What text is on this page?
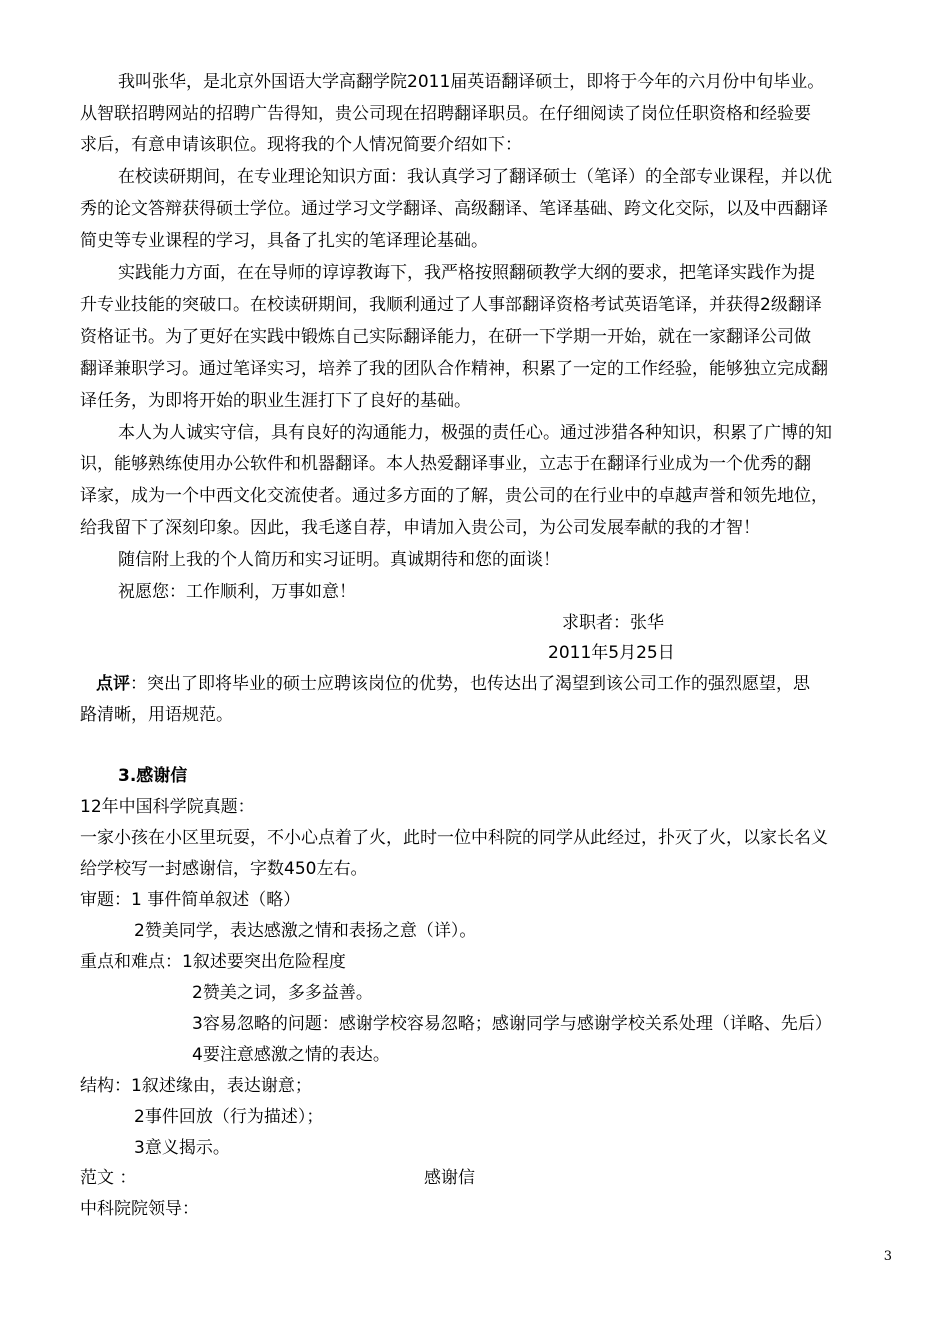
我叫张华，是北京外国语大学高翻学院2011届英语翻译硕士，即将于今年的六月份中旬毕业。
从智联招聘网站的招聘广告得知，贵公司现在招聘翻译职员。在仔细阅读了岗位任职资格和经验要
求后，有意申请该职位。现将我的个人情况简要介绍如下：
在校读研期间，在专业理论知识方面：我认真学习了翻译硕士（笔译）的全部专业课程，并以优
秀的论文答辩获得硕士学位。通过学习文学翻译、高级翻译、笔译基础、跨文化交际，以及中西翻译
简史等专业课程的学习，具备了扎实的笔译理论基础。
实践能力方面，在在导师的谆谆教诲下，我严格按照翻硕教学大纲的要求，把笔译实践作为提
升专业技能的突破口。在校读研期间，我顺利通过了人事部翻译资格考试英语笔译，并获得2级翻译
资格证书。为了更好在实践中锻炼自己实际翻译能力，在研一下学期一开始，就在一家翻译公司做
翻译兼职学习。通过笔译实习，培养了我的团队合作精神，积累了一定的工作经验，能够独立完成翻
译任务，为即将开始的职业生涯打下了良好的基础。
本人为人诚实守信，具有良好的沟通能力，极强的责任心。通过涉猎各种知识，积累了广博的知
识，能够熟练使用办公软件和机器翻译。本人热爱翻译事业，立志于在翻译行业成为一个优秀的翻
译家，成为一个中西文化交流使者。通过多方面的了解，贵公司的在行业中的卓越声誉和领先地位，
给我留下了深刻印象。因此，我毛遂自荐，申请加入贵公司，为公司发展奉献的我的才智！
随信附上我的个人简历和实习证明。真诚期待和您的面谈！
祝愿您：工作顺利，万事如意！
求职者：张华
2011年5月25日
点评：突出了即将毕业的硕士应聘该岗位的优势，也传达出了渴望到该公司工作的强烈愿望，思
路清晰，用语规范。
3.感谢信
12年中国科学院真题：
一家小孩在小区里玩耍，不小心点着了火，此时一位中科院的同学从此经过，扑灭了火，以家长名义
给学校写一封感谢信，字数450左右。
审题：1 事件简单叙述（略）
2赞美同学，表达感激之情和表扬之意（详）。
重点和难点：1叙述要突出危险程度
2赞美之词，多多益善。
3容易忽略的问题：感谢学校容易忽略；感谢同学与感谢学校关系处理（详略、先后）
4要注意感激之情的表达。
结构：1叙述缘由，表达谢意；
2事件回放（行为描述）；
3意义揭示。
范文 ：	感谢信
中科院院领导：
3
